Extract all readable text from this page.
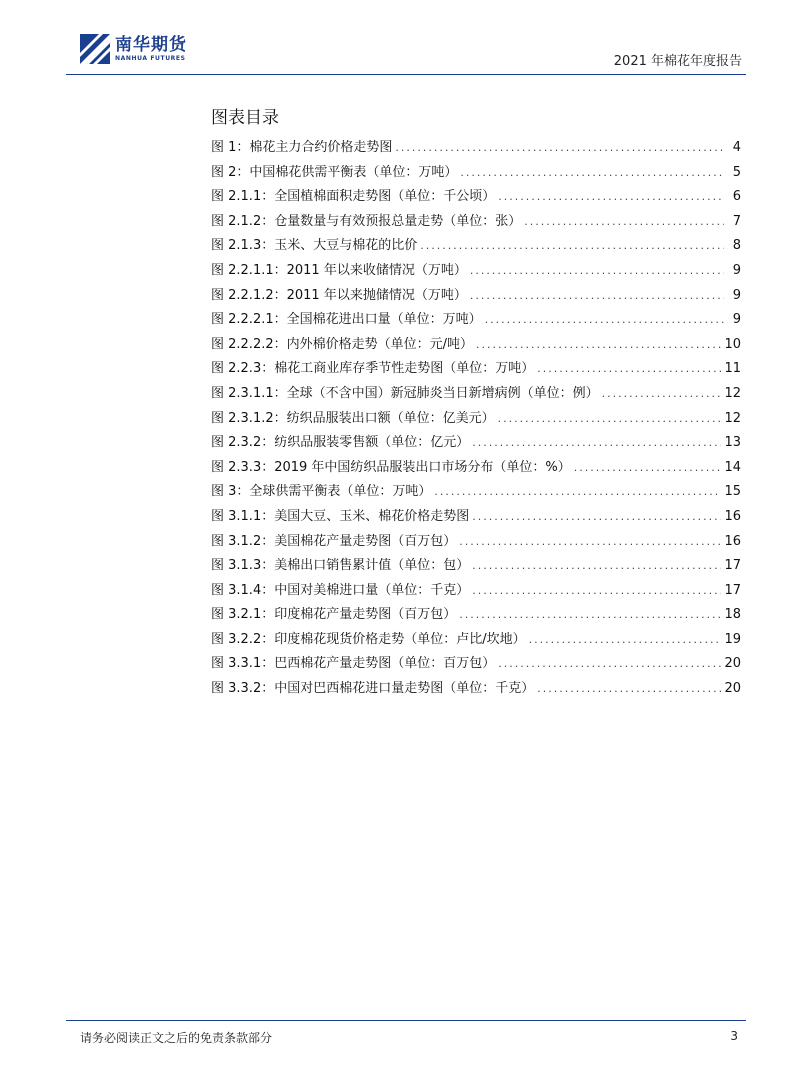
南华期货
NANHUA FUTURES	2021 年棉花年度报告
图表目录
图 1：棉花主力合约价格走势图 .....	4
图 2：中国棉花供需平衡表（单位：万吨） .....	5
图 2.1.1：全国植棉面积走势图（单位：千公顷） .....	6
图 2.1.2：仓量数量与有效预报总量走势（单位：张） .....	7
图 2.1.3：玉米、大豆与棉花的比价 .....	8
图 2.2.1.1：2011 年以来收储情况（万吨） .....	9
图 2.2.1.2：2011 年以来抛储情况（万吨） .....	9
图 2.2.2.1：全国棉花进出口量（单位：万吨） .....	9
图 2.2.2.2：内外棉价格走势（单位：元/吨） .....	10
图 2.2.3：棉花工商业库存季节性走势图（单位：万吨） .....	11
图 2.3.1.1：全球（不含中国）新冠肺炎当日新增病例（单位：例） .....	12
图 2.3.1.2：纺织品服装出口额（单位：亿美元） .....	12
图 2.3.2：纺织品服装零售额（单位：亿元） .....	13
图 2.3.3：2019 年中国纺织品服装出口市场分布（单位：%） .....	14
图 3：全球供需平衡表（单位：万吨） .....	15
图 3.1.1：美国大豆、玉米、棉花价格走势图 .....	16
图 3.1.2：美国棉花产量走势图（百万包） .....	16
图 3.1.3：美棉出口销售累计值（单位：包） .....	17
图 3.1.4：中国对美棉进口量（单位：千克） .....	17
图 3.2.1：印度棉花产量走势图（百万包） .....	18
图 3.2.2：印度棉花现货价格走势（单位：卢比/坎地） .....	19
图 3.3.1：巴西棉花产量走势图（单位：百万包） .....	20
图 3.3.2：中国对巴西棉花进口量走势图（单位：千克） .....	20
请务必阅读正文之后的免责条款部分	3
